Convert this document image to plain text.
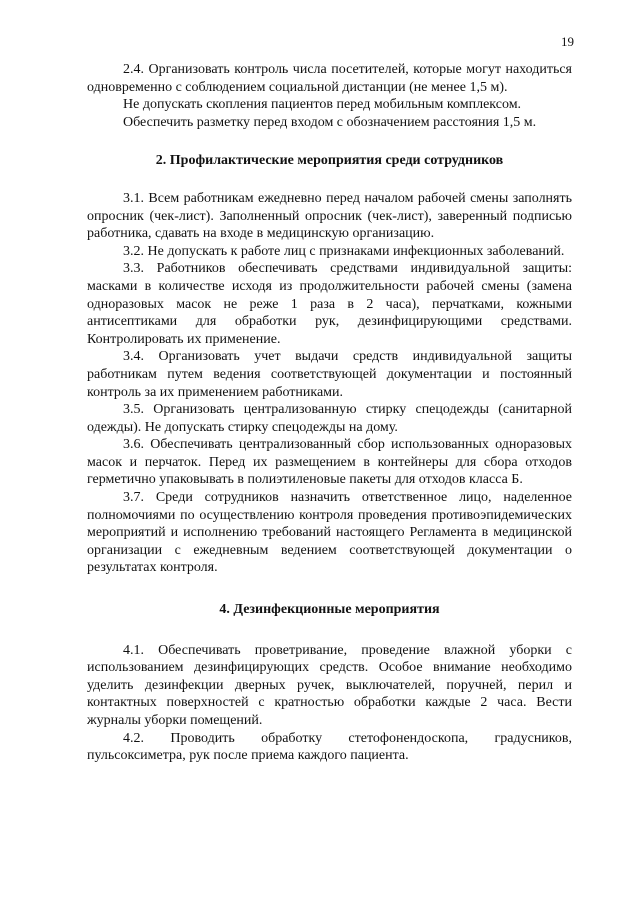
19

2.4. Организовать контроль числа посетителей, которые могут находиться одновременно с соблюдением социальной дистанции (не менее 1,5 м).

Не допускать скопления пациентов перед мобильным комплексом.

Обеспечить разметку перед входом с обозначением расстояния 1,5 м.

2. Профилактические мероприятия среди сотрудников

3.1. Всем работникам ежедневно перед началом рабочей смены заполнять опросник (чек-лист). Заполненный опросник (чек-лист), заверенный подписью работника, сдавать на входе в медицинскую организацию.

3.2. Не допускать к работе лиц с признаками инфекционных заболеваний.

3.3. Работников обеспечивать средствами индивидуальной защиты: масками в количестве исходя из продолжительности рабочей смены (замена одноразовых масок не реже 1 раза в 2 часа), перчатками, кожными антисептиками для обработки рук, дезинфицирующими средствами. Контролировать их применение.

3.4. Организовать учет выдачи средств индивидуальной защиты работникам путем ведения соответствующей документации и постоянный контроль за их применением работниками.

3.5. Организовать централизованную стирку спецодежды (санитарной одежды). Не допускать стирку спецодежды на дому.

3.6. Обеспечивать централизованный сбор использованных одноразовых масок и перчаток. Перед их размещением в контейнеры для сбора отходов герметично упаковывать в полиэтиленовые пакеты для отходов класса Б.

3.7. Среди сотрудников назначить ответственное лицо, наделенное полномочиями по осуществлению контроля проведения противоэпидемических мероприятий и исполнению требований настоящего Регламента в медицинской организации с ежедневным ведением соответствующей документации о результатах контроля.

4. Дезинфекционные мероприятия

4.1. Обеспечивать проветривание, проведение влажной уборки с использованием дезинфицирующих средств. Особое внимание необходимо уделить дезинфекции дверных ручек, выключателей, поручней, перил и контактных поверхностей с кратностью обработки каждые 2 часа. Вести журналы уборки помещений.

4.2. Проводить обработку стетофонендоскопа, градусников, пульсоксиметра, рук после приема каждого пациента.
